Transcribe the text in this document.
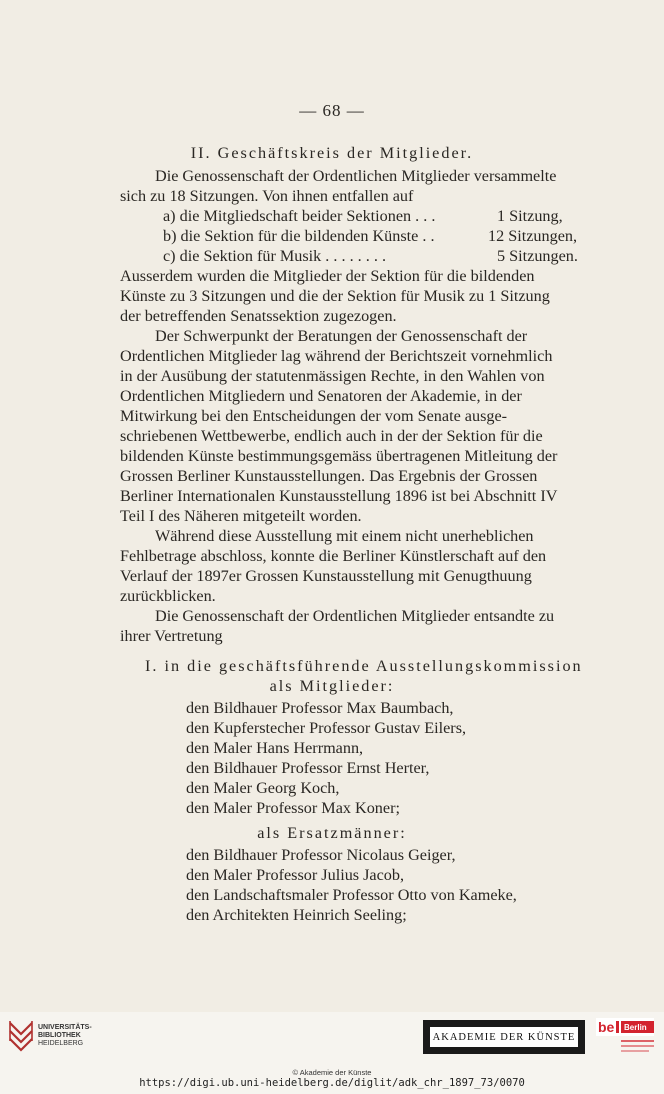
— 68 —
II. Geschäftskreis der Mitglieder.
Die Genossenschaft der Ordentlichen Mitglieder versammelte
sich zu 18 Sitzungen. Von ihnen entfallen auf
a) die Mitgliedschaft beider Sektionen . . .	1 Sitzung,
b) die Sektion für die bildenden Künste . .	12 Sitzungen,
c) die Sektion für Musik . . . . . . . .	5 Sitzungen.
Ausserdem wurden die Mitglieder der Sektion für die bildenden
Künste zu 3 Sitzungen und die der Sektion für Musik zu 1 Sitzung
der betreffenden Senatssektion zugezogen.
Der Schwerpunkt der Beratungen der Genossenschaft der
Ordentlichen Mitglieder lag während der Berichtszeit vornehmlich
in der Ausübung der statutenmässigen Rechte, in den Wahlen von
Ordentlichen Mitgliedern und Senatoren der Akademie, in der
Mitwirkung bei den Entscheidungen der vom Senate ausge-
schriebenen Wettbewerbe, endlich auch in der der Sektion für die
bildenden Künste bestimmungsgemäss übertragenen Mitleitung der
Grossen Berliner Kunstausstellungen. Das Ergebnis der Grossen
Berliner Internationalen Kunstausstellung 1896 ist bei Abschnitt IV
Teil I des Näheren mitgeteilt worden.
Während diese Ausstellung mit einem nicht unerheblichen
Fehlbetrage abschloss, konnte die Berliner Künstlerschaft auf den
Verlauf der 1897er Grossen Kunstausstellung mit Genugthuung
zurückblicken.
Die Genossenschaft der Ordentlichen Mitglieder entsandte zu
ihrer Vertretung
I. in die geschäftsführende Ausstellungskommission
als Mitglieder:
den Bildhauer Professor Max Baumbach,
den Kupferstecher Professor Gustav Eilers,
den Maler Hans Herrmann,
den Bildhauer Professor Ernst Herter,
den Maler Georg Koch,
den Maler Professor Max Koner;
als Ersatzmänner:
den Bildhauer Professor Nicolaus Geiger,
den Maler Professor Julius Jacob,
den Landschaftsmaler Professor Otto von Kameke,
den Architekten Heinrich Seeling;
UNIVERSITÄTS-
BIBLIOTHEK
HEIDELBERG
AKADEMIE DER KÜNSTE
be Berlin
© Akademie der Künste
https://digi.ub.uni-heidelberg.de/diglit/adk_chr_1897_73/0070
